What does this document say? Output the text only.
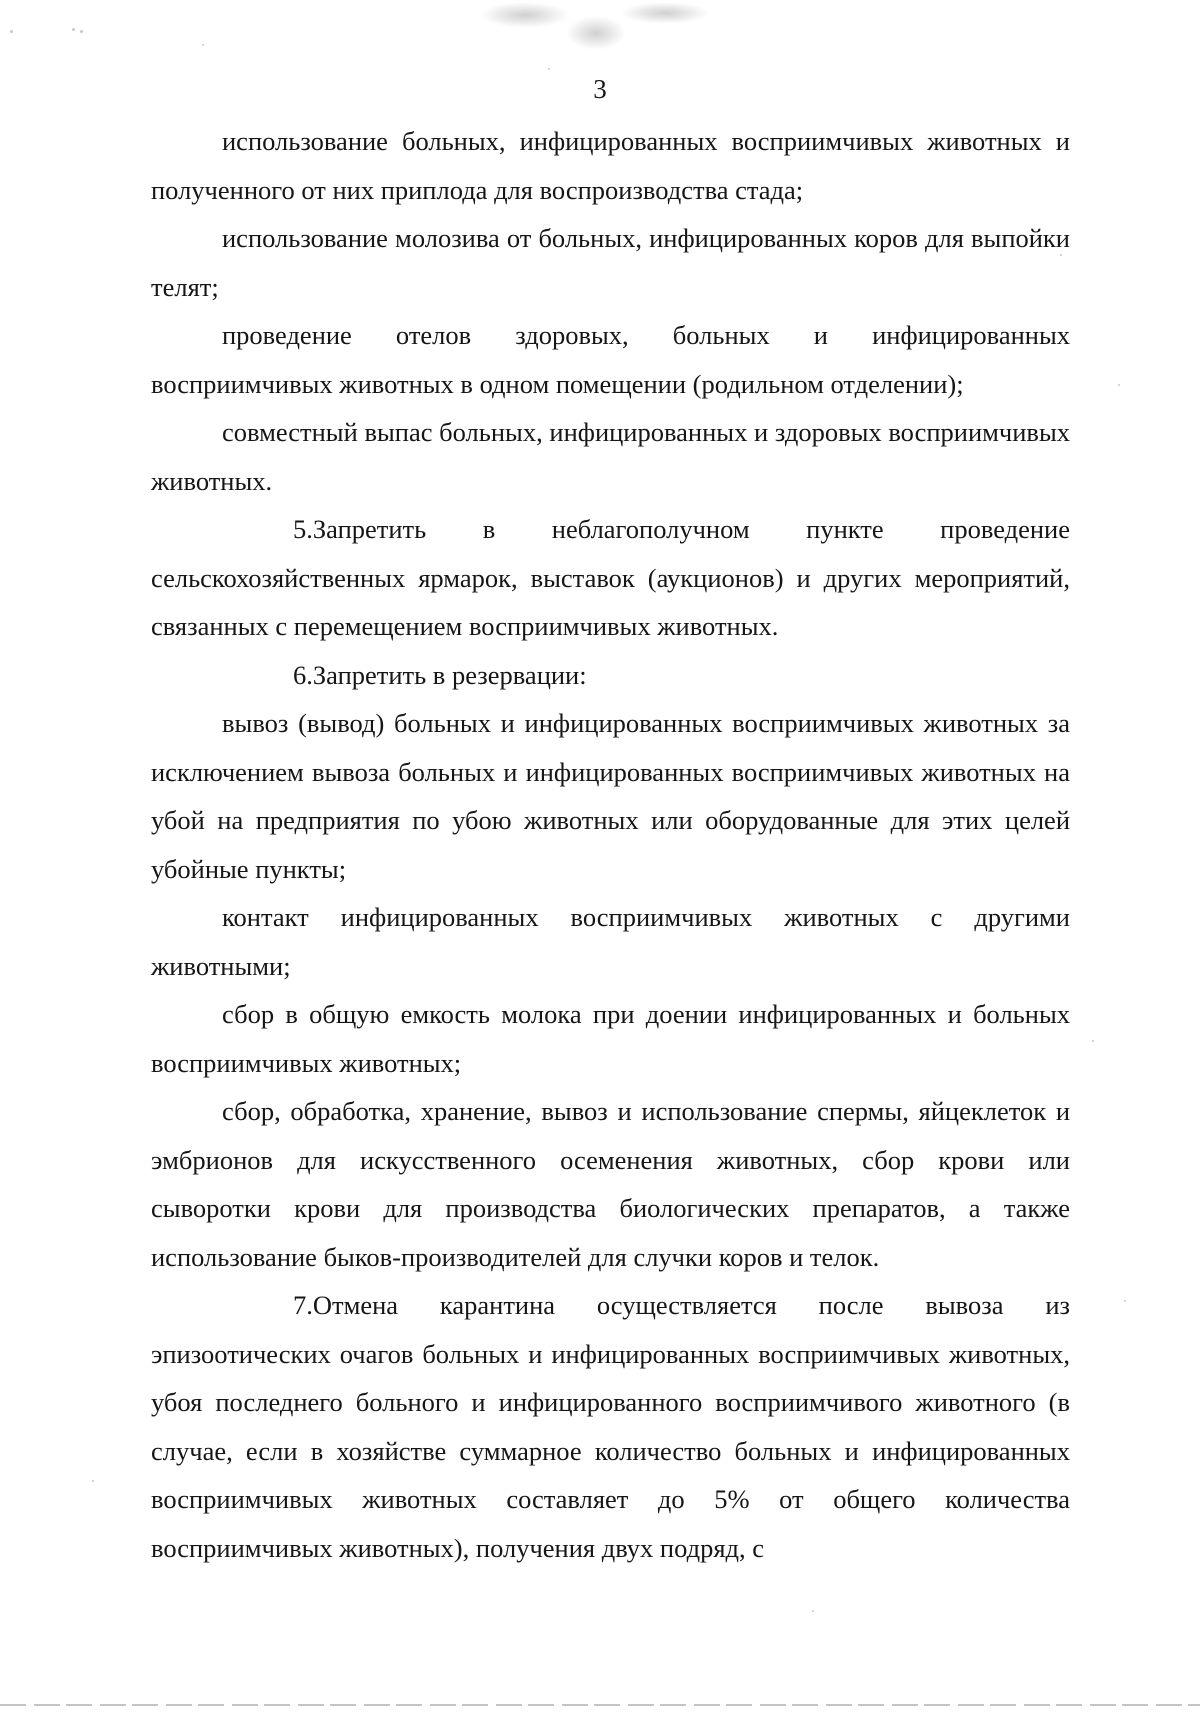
3

использование больных, инфицированных восприимчивых животных и полученного от них приплода для воспроизводства стада;

использование молозива от больных, инфицированных коров для выпойки телят;

проведение отелов здоровых, больных и инфицированных восприимчивых животных в одном помещении (родильном отделении);

совместный выпас больных, инфицированных и здоровых восприимчивых животных.

5.Запретить в неблагополучном пункте проведение сельскохозяйственных ярмарок, выставок (аукционов) и других мероприятий, связанных с перемещением восприимчивых животных.

6.Запретить в резервации:

вывоз (вывод) больных и инфицированных восприимчивых животных за исключением вывоза больных и инфицированных восприимчивых животных на убой на предприятия по убою животных или оборудованные для этих целей убойные пункты;

контакт инфицированных восприимчивых животных с другими животными;

сбор в общую емкость молока при доении инфицированных и больных восприимчивых животных;

сбор, обработка, хранение, вывоз и использование спермы, яйцеклеток и эмбрионов для искусственного осеменения животных, сбор крови или сыворотки крови для производства биологических препаратов, а также использование быков-производителей для случки коров и телок.

7.Отмена карантина осуществляется после вывоза из эпизоотических очагов больных и инфицированных восприимчивых животных, убоя последнего больного и инфицированного восприимчивого животного (в случае, если в хозяйстве суммарное количество больных и инфицированных восприимчивых животных составляет до 5% от общего количества восприимчивых животных), получения двух подряд, с
